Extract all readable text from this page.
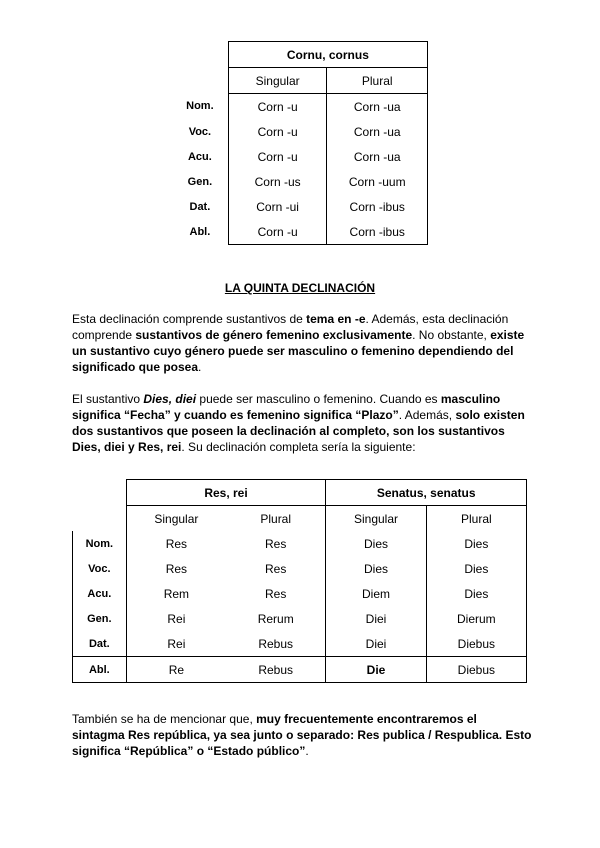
	Cornu, cornus	
	Singular	Plural
Nom.	Corn -u	Corn -ua
Voc.	Corn -u	Corn -ua
Acu.	Corn -u	Corn -ua
Gen.	Corn -us	Corn -uum
Dat.	Corn -ui	Corn -ibus
Abl.	Corn -u	Corn -ibus
LA QUINTA DECLINACIÓN
Esta declinación comprende sustantivos de tema en -e. Además, esta declinación comprende sustantivos de género femenino exclusivamente. No obstante, existe un sustantivo cuyo género puede ser masculino o femenino dependiendo del significado que posea.
El sustantivo Dies, diei puede ser masculino o femenino. Cuando es masculino significa “Fecha” y cuando es femenino significa “Plazo”. Además, solo existen dos sustantivos que poseen la declinación al completo, son los sustantivos Dies, diei y Res, rei. Su declinación completa sería la siguiente:
	Res, rei		Senatus, senatus	
	Singular	Plural	Singular	Plural
Nom.	Res	Res	Dies	Dies
Voc.	Res	Res	Dies	Dies
Acu.	Rem	Res	Diem	Dies
Gen.	Rei	Rerum	Diei	Dierum
Dat.	Rei	Rebus	Diei	Diebus
Abl.	Re	Rebus	Die	Diebus
También se ha de mencionar que, muy frecuentemente encontraremos el sintagma Res república, ya sea junto o separado: Res publica / Respublica. Esto significa “República” o “Estado público”.
